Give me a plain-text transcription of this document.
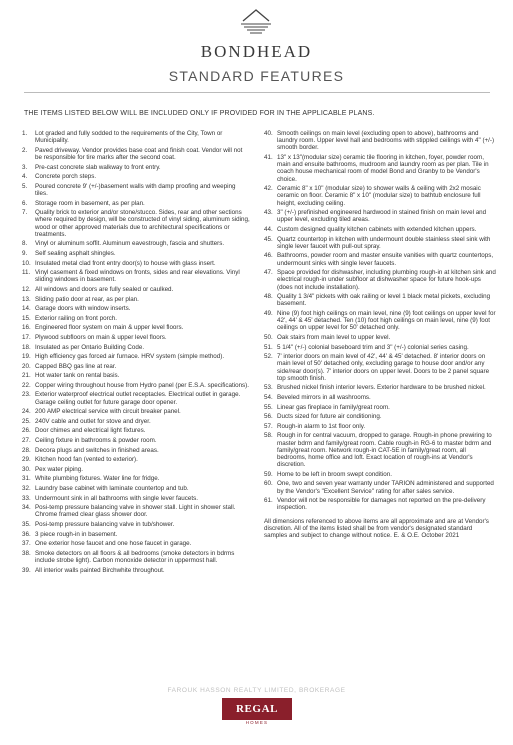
BONDHEAD
STANDARD FEATURES
THE ITEMS LISTED BELOW WILL BE INCLUDED ONLY IF PROVIDED FOR IN THE APPLICABLE PLANS.
1.	Lot graded and fully sodded to the requirements of the City, Town or Municipality.
2.	Paved driveway. Vendor provides base coat and finish coat. Vendor will not be responsible for tire marks after the second coat.
3.	Pre-cast concrete slab walkway to front entry.
4.	Concrete porch steps.
5.	Poured concrete 9' (+/-)basement walls with damp proofing and weeping tiles.
6.	Storage room in basement, as per plan.
7.	Quality brick to exterior and/or stone/stucco. Sides, rear and other sections where required by design, will be constructed of vinyl siding, aluminum siding, wood or other approved materials due to architectural specifications or treatments.
8.	Vinyl or aluminum soffit. Aluminum eavestrough, fascia and shutters.
9.	Self sealing asphalt shingles.
10. Insulated metal clad front entry door(s) to house with glass insert.
11. Vinyl casement & fixed windows on fronts, sides and rear elevations. Vinyl sliding windows in basement.
12. All windows and doors are fully sealed or caulked.
13. Sliding patio door at rear, as per plan.
14. Garage doors with window inserts.
15. Exterior railing on front porch.
16. Engineered floor system on main & upper level floors.
17. Plywood subfloors on main & upper level floors.
18. Insulated as per Ontario Building Code.
19. High efficiency gas forced air furnace. HRV system (simple method).
20. Capped BBQ gas line at rear.
21. Hot water tank on rental basis.
22. Copper wiring throughout house from Hydro panel (per E.S.A. specifications).
23. Exterior waterproof electrical outlet receptacles. Electrical outlet in garage. Garage ceiling outlet for future garage door opener.
24. 200 AMP electrical service with circuit breaker panel.
25. 240V cable and outlet for stove and dryer.
26. Door chimes and electrical light fixtures.
27. Ceiling fixture in bathrooms & powder room.
28. Decora plugs and switches in finished areas.
29. Kitchen hood fan (vented to exterior).
30. Pex water piping.
31. White plumbing fixtures. Water line for fridge.
32. Laundry base cabinet with laminate countertop and tub.
33. Undermount sink in all bathrooms with single lever faucets.
34. Posi-temp pressure balancing valve in shower stall. Light in shower stall. Chrome framed clear glass shower door.
35. Posi-temp pressure balancing valve in tub/shower.
36. 3 piece rough-in in basement.
37. One exterior hose faucet and one hose faucet in garage.
38. Smoke detectors on all floors & all bedrooms (smoke detectors in bdrms include strobe light). Carbon monoxide detector in uppermost hall.
39. All interior walls painted Birchwhite throughout.
40. Smooth ceilings on main level (excluding open to above), bathrooms and laundry room. Upper level hall and bedrooms with stippled ceilings with 4" (+/-) smooth border.
41. 13" x 13"(modular size) ceramic tile flooring in kitchen, foyer, powder room, main and ensuite bathrooms, mudroom and laundry room as per plan. Tile in coach house mechanical room of model Bond and Granby to be Vendor's choice.
42. Ceramic 8" x 10" (modular size) to shower walls & ceiling with 2x2 mosaic ceramic on floor. Ceramic 8" x 10" (modular size) to bathtub enclosure full height, excluding ceiling.
43. 3" (+/-) prefinished engineered hardwood in stained finish on main level and upper level, excluding tiled areas.
44. Custom designed quality kitchen cabinets with extended kitchen uppers.
45. Quartz countertop in kitchen with undermount double stainless steel sink with single lever faucet with pull-out spray.
46. Bathrooms, powder room and master ensuite vanities with quartz countertops, undermount sinks with single lever faucets.
47. Space provided for dishwasher, including plumbing rough-in at kitchen sink and electrical rough-in under subfloor at dishwasher space for future hook-ups (does not include installation).
48. Quality 1 3/4" pickets with oak railing or level 1 black metal pickets, excluding basement.
49. Nine (9) foot high ceilings on main level, nine (9) foot ceilings on upper level for 42', 44' & 45' detached. Ten (10) foot high ceilings on main level, nine (9) foot ceilings on upper level for 50' detached only.
50. Oak stairs from main level to upper level.
51. 5 1/4" (+/-) colonial baseboard trim and 3" (+/-) colonial series casing.
52. 7' interior doors on main level of 42', 44' & 45' detached. 8' interior doors on main level of 50' detached only, excluding garage to house door and/or any side/rear door(s). 7' interior doors on upper level. Doors to be 2 panel square top smooth finish.
53. Brushed nickel finish interior levers. Exterior hardware to be brushed nickel.
54. Beveled mirrors in all washrooms.
55. Linear gas fireplace in family/great room.
56. Ducts sized for future air conditioning.
57. Rough-in alarm to 1st floor only.
58. Rough in for central vacuum, dropped to garage. Rough-in phone prewiring to master bdrm and family/great room. Cable rough-in RG-6 to master bdrm and family/great room. Network rough-in CAT-5E in family/great room, all bedrooms, home office and loft. Exact location of rough-ins at Vendor's discretion.
59. Home to be left in broom swept condition.
60. One, two and seven year warranty under TARION administered and supported by the Vendor's "Excellent Service" rating for after sales service.
61. Vendor will not be responsible for damages not reported on the pre-delivery inspection.
All dimensions referenced to above items are all approximate and are at Vendor's discretion. All of the items listed shall be from vendor's designated standard samples and subject to change without notice. E. & O.E. October 2021
FAROUK HASSON REALTY LIMITED, BROKERAGE
REGAL CREST
HOMES
